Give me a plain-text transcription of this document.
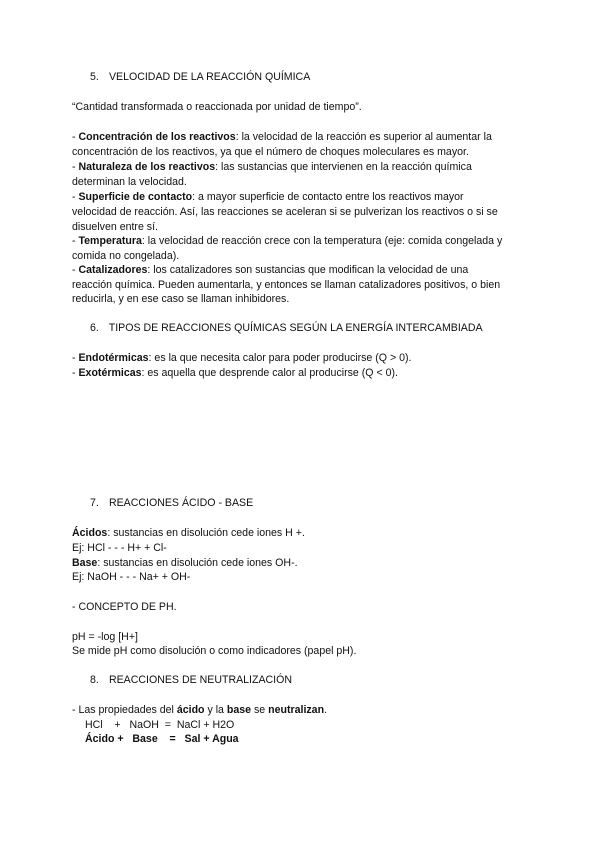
5. VELOCIDAD DE LA REACCIÓN QUÍMICA
“Cantidad transformada o reaccionada por unidad de tiempo”.
- Concentración de los reactivos: la velocidad de la reacción es superior al aumentar la
concentración de los reactivos, ya que el número de choques moleculares es mayor.
- Naturaleza de los reactivos: las sustancias que intervienen en la reacción química
determinan la velocidad.
- Superficie de contacto: a mayor superficie de contacto entre los reactivos mayor
velocidad de reacción. Así, las reacciones se aceleran si se pulverizan los reactivos o si se
disuelven entre sí.
- Temperatura: la velocidad de reacción crece con la temperatura (eje: comida congelada y
comida no congelada).
- Catalizadores: los catalizadores son sustancias que modifican la velocidad de una
reacción química. Pueden aumentarla, y entonces se llaman catalizadores positivos, o bien
reducirla, y en ese caso se llaman inhibidores.
6. TIPOS DE REACCIONES QUÍMICAS SEGÚN LA ENERGÍA INTERCAMBIADA
- Endotérmicas: es la que necesita calor para poder producirse (Q > 0).
- Exotérmicas: es aquella que desprende calor al producirse (Q < 0).
7. REACCIONES ÁCIDO - BASE
Ácidos: sustancias en disolución cede iones H +.
Ej: HCl - - - H+ + Cl-
Base: sustancias en disolución cede iones OH-.
Ej: NaOH - - - Na+ + OH-
- CONCEPTO DE PH.
pH = -log [H+]
Se mide pH como disolución o como indicadores (papel pH).
8. REACCIONES DE NEUTRALIZACIÓN
- Las propiedades del ácido y la base se neutralizan.
HCl    +   NaOH  =  NaCl + H2O
Ácido +   Base    =   Sal + Agua
